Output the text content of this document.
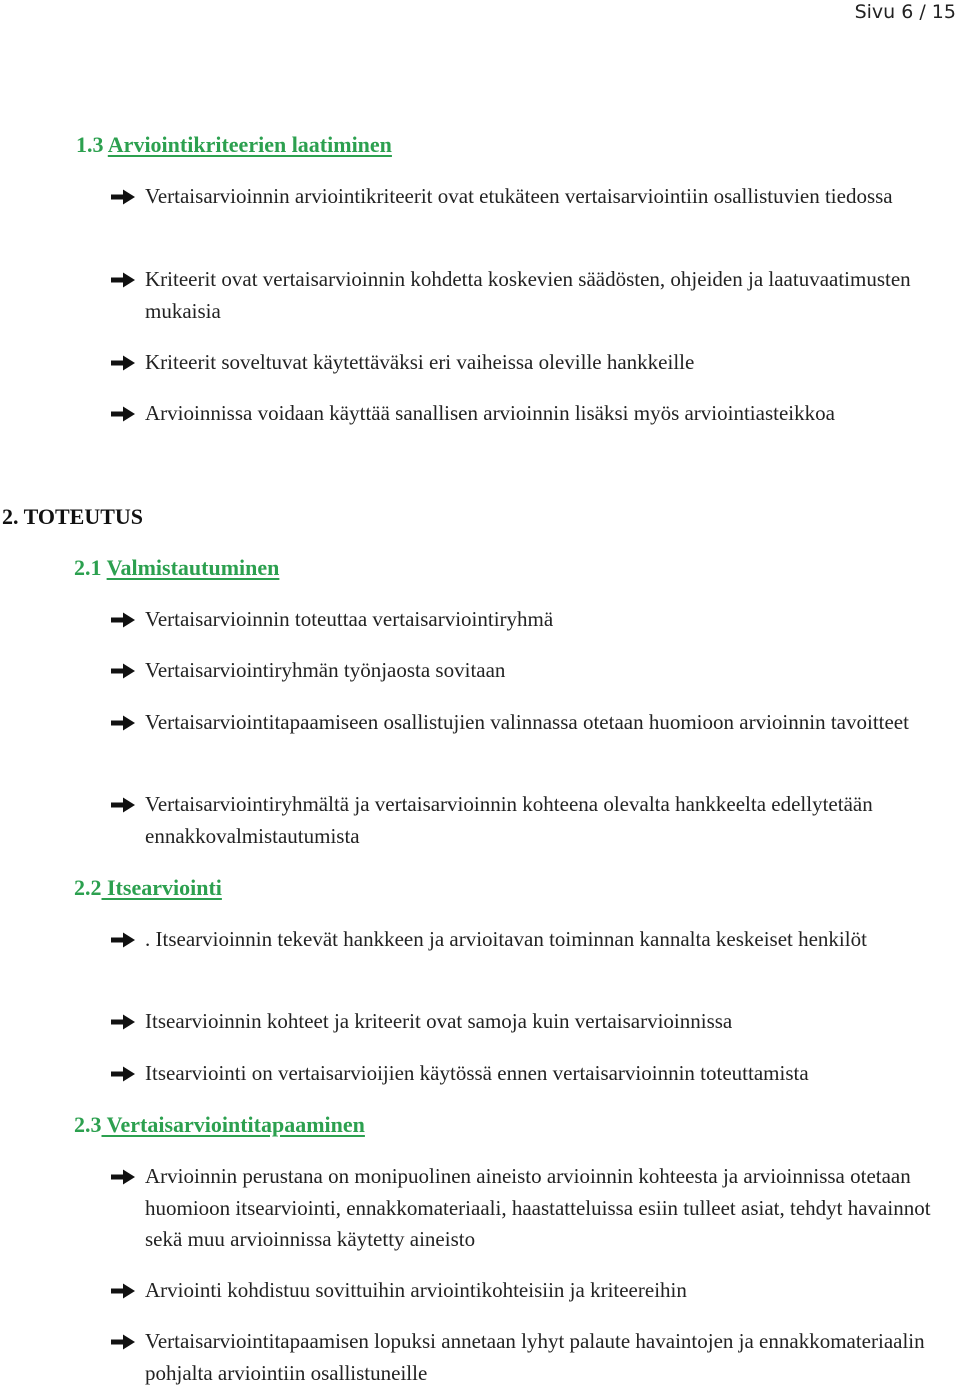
Sivu 6 / 15
1.3 Arviointikriteerien laatiminen
Vertaisarvioinnin arviointikriteerit ovat etukäteen vertaisarviointiin osallistuvien tiedossa
Kriteerit ovat vertaisarvioinnin kohdetta koskevien säädösten, ohjeiden ja laatuvaatimusten mukaisia
Kriteerit soveltuvat käytettäväksi eri vaiheissa oleville hankkeille
Arvioinnissa voidaan käyttää sanallisen arvioinnin lisäksi myös arviointiasteikkoa
2. TOTEUTUS
2.1 Valmistautuminen
Vertaisarvioinnin toteuttaa vertaisarviointiryhmä
Vertaisarviointiryhmän työnjaosta sovitaan
Vertaisarviointitapaamiseen osallistujien valinnassa otetaan huomioon arvioinnin tavoitteet
Vertaisarviointiryhmältä ja vertaisarvioinnin kohteena olevalta hankkeelta edellytetään ennakkovalmistautumista
2.2 Itsearviointi
. Itsearvioinnin tekevät hankkeen ja arvioitavan toiminnan kannalta keskeiset henkilöt
Itsearvioinnin kohteet ja kriteerit ovat samoja kuin vertaisarvioinnissa
Itsearviointi on vertaisarvioijien käytössä ennen vertaisarvioinnin toteuttamista
2.3 Vertaisarviointitapaaminen
Arvioinnin perustana on monipuolinen aineisto arvioinnin kohteesta ja arvioinnissa otetaan huomioon itsearviointi, ennakkomateriaali, haastatteluissa esiin tulleet asiat, tehdyt havainnot sekä muu arvioinnissa käytetty aineisto
Arviointi kohdistuu sovittuihin arviointikohteisiin ja kriteereihin
Vertaisarviointitapaamisen lopuksi annetaan lyhyt palaute havaintojen ja ennakkomateriaalin pohjalta arviointiin osallistuneille
